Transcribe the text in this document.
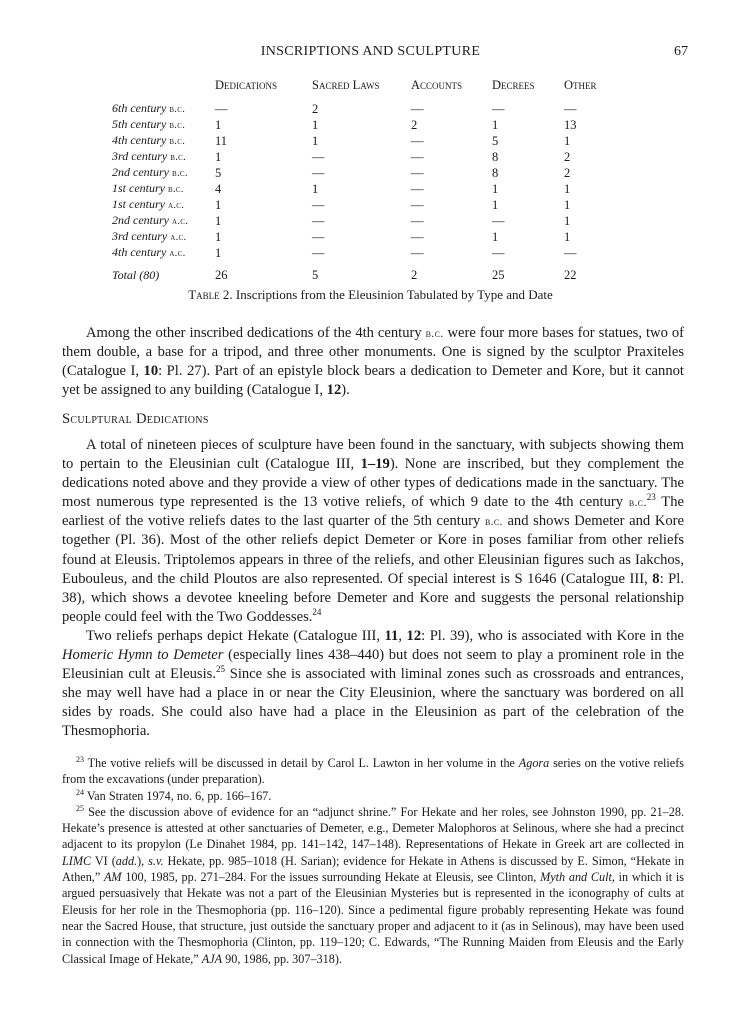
INSCRIPTIONS AND SCULPTURE	67
	Dedications	Sacred Laws	Accounts	Decrees	Other
6th century b.c.	—	2	—	—	—
5th century b.c.	1	1	2	1	13
4th century b.c.	11	1	—	5	1
3rd century b.c.	1	—	—	8	2
2nd century b.c.	5	—	—	8	2
1st century b.c.	4	1	—	1	1
1st century a.c.	1	—	—	1	1
2nd century a.c.	1	—	—	—	1
3rd century a.c.	1	—	—	1	1
4th century a.c.	1	—	—	—	—
Total (80)	26	5	2	25	22
Table 2. Inscriptions from the Eleusinion Tabulated by Type and Date

Among the other inscribed dedications of the 4th century b.c. were four more bases for statues, two of them double, a base for a tripod, and three other monuments. One is signed by the sculptor Praxiteles (Catalogue I, 10: Pl. 27). Part of an epistyle block bears a dedication to Demeter and Kore, but it cannot yet be assigned to any building (Catalogue I, 12).

Sculptural Dedications

A total of nineteen pieces of sculpture have been found in the sanctuary, with subjects showing them to pertain to the Eleusinian cult (Catalogue III, 1–19). None are inscribed, but they complement the dedications noted above and they provide a view of other types of dedications made in the sanctuary. The most numerous type represented is the 13 votive reliefs, of which 9 date to the 4th century b.c.$^{23}$ The earliest of the votive reliefs dates to the last quarter of the 5th century b.c. and shows Demeter and Kore together (Pl. 36). Most of the other reliefs depict Demeter or Kore in poses familiar from other reliefs found at Eleusis. Triptolemos appears in three of the reliefs, and other Eleusinian figures such as Iakchos, Eubouleus, and the child Ploutos are also represented. Of special interest is S 1646 (Catalogue III, 8: Pl. 38), which shows a devotee kneeling before Demeter and Kore and suggests the personal relationship people could feel with the Two Goddesses.$^{24}$

Two reliefs perhaps depict Hekate (Catalogue III, 11, 12: Pl. 39), who is associated with Kore in the Homeric Hymn to Demeter (especially lines 438–440) but does not seem to play a prominent role in the Eleusinian cult at Eleusis.$^{25}$ Since she is associated with liminal zones such as crossroads and entrances, she may well have had a place in or near the City Eleusinion, where the sanctuary was bordered on all sides by roads. She could also have had a place in the Eleusinion as part of the celebration of the Thesmophoria.

$^{23}$ The votive reliefs will be discussed in detail by Carol L. Lawton in her volume in the Agora series on the votive reliefs from the excavations (under preparation).

$^{24}$ Van Straten 1974, no. 6, pp. 166–167.

$^{25}$ See the discussion above of evidence for an “adjunct shrine.” For Hekate and her roles, see Johnston 1990, pp. 21–28. Hekate’s presence is attested at other sanctuaries of Demeter, e.g., Demeter Malophoros at Selinous, where she had a precinct adjacent to its propylon (Le Dinahet 1984, pp. 141–142, 147–148). Representations of Hekate in Greek art are collected in LIMC VI (add.), s.v. Hekate, pp. 985–1018 (H. Sarian); evidence for Hekate in Athens is discussed by E. Simon, “Hekate in Athen,” AM 100, 1985, pp. 271–284. For the issues surrounding Hekate at Eleusis, see Clinton, Myth and Cult, in which it is argued persuasively that Hekate was not a part of the Eleusinian Mysteries but is represented in the iconography of cults at Eleusis for her role in the Thesmophoria (pp. 116–120). Since a pedimental figure probably representing Hekate was found near the Sacred House, that structure, just outside the sanctuary proper and adjacent to it (as in Selinous), may have been used in connection with the Thesmophoria (Clinton, pp. 119–120; C. Edwards, “The Running Maiden from Eleusis and the Early Classical Image of Hekate,” AJA 90, 1986, pp. 307–318).
